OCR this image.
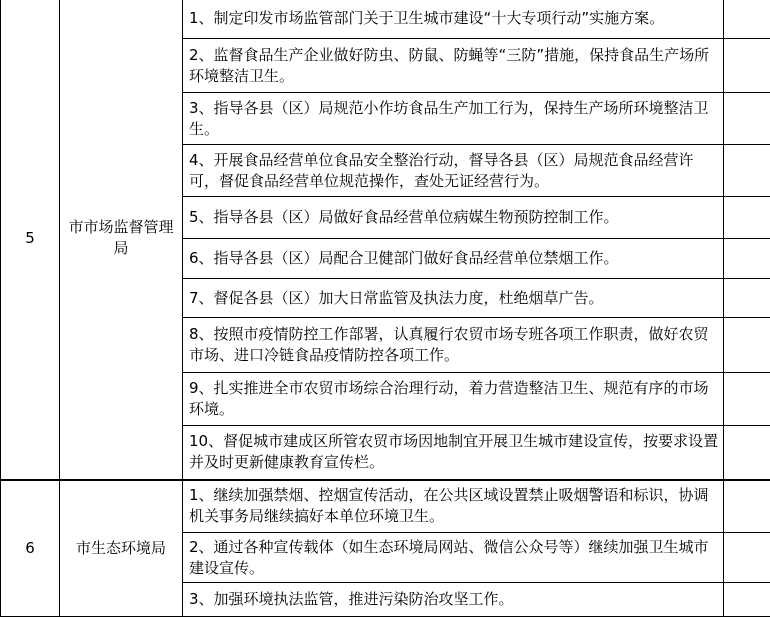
5	市市场监督管理局	1、制定印发市场监管部门关于卫生城市建设“十大专项行动”实施方案。	
		2、监督食品生产企业做好防虫、防鼠、防蝇等“三防”措施，保持食品生产场所环境整洁卫生。	
		3、指导各县（区）局规范小作坊食品生产加工行为，保持生产场所环境整洁卫生。	
		4、开展食品经营单位食品安全整治行动，督导各县（区）局规范食品经营许可，督促食品经营单位规范操作，查处无证经营行为。	
		5、指导各县（区）局做好食品经营单位病媒生物预防控制工作。	
		6、指导各县（区）局配合卫健部门做好食品经营单位禁烟工作。	
		7、督促各县（区）加大日常监管及执法力度，杜绝烟草广告。	
		8、按照市疫情防控工作部署，认真履行农贸市场专班各项工作职责，做好农贸市场、进口冷链食品疫情防控各项工作。	
		9、扎实推进全市农贸市场综合治理行动，着力营造整洁卫生、规范有序的市场环境。	
		10、督促城市建成区所管农贸市场因地制宜开展卫生城市建设宣传，按要求设置并及时更新健康教育宣传栏。	
6	市生态环境局	1、继续加强禁烟、控烟宣传活动，在公共区域设置禁止吸烟警语和标识，协调机关事务局继续搞好本单位环境卫生。	
		2、通过各种宣传载体（如生态环境局网站、微信公众号等）继续加强卫生城市建设宣传。	
		3、加强环境执法监管，推进污染防治攻坚工作。	
